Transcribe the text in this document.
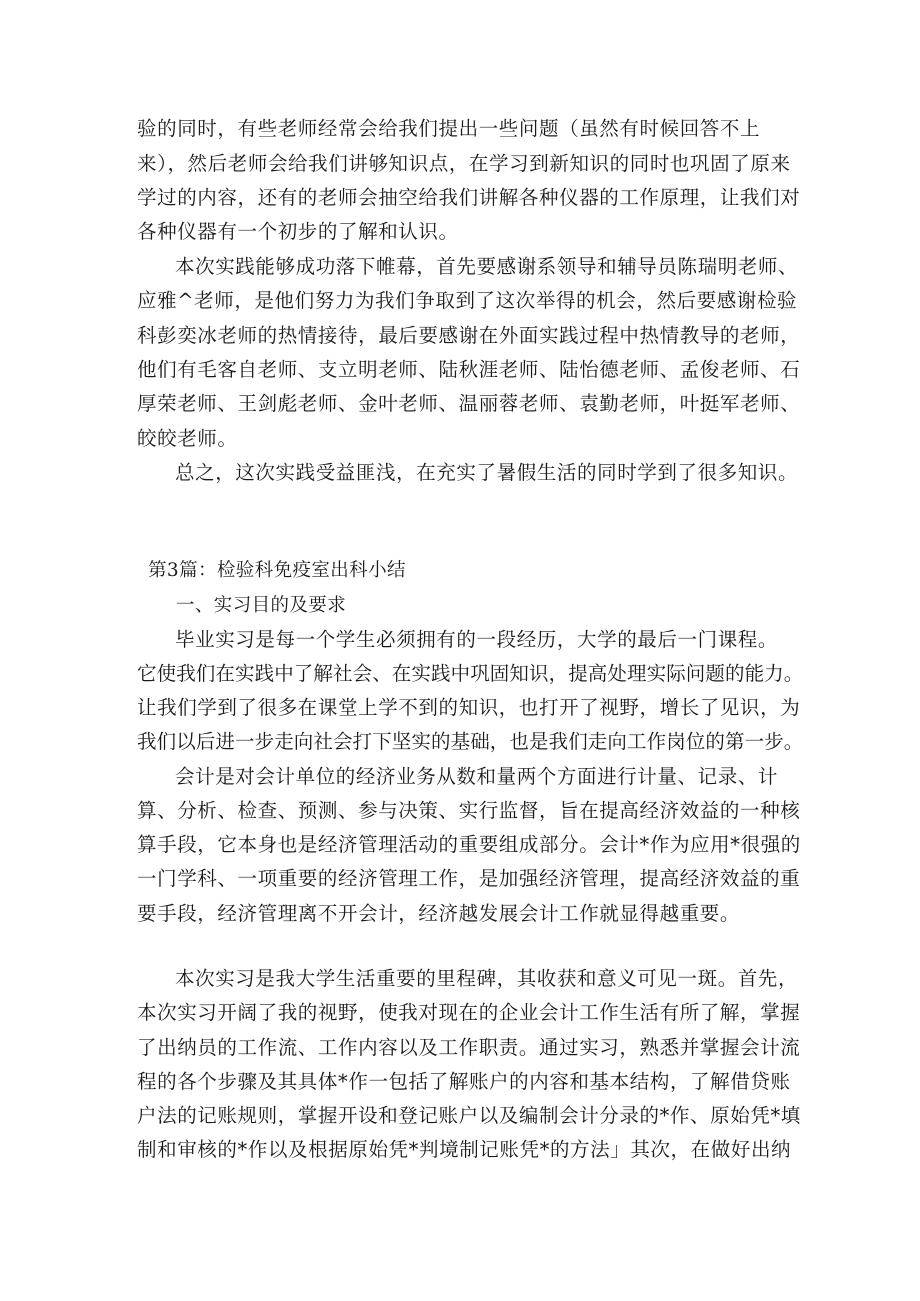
验的同时，有些老师经常会给我们提出一些问题（虽然有时候回答不上
来），然后老师会给我们讲够知识点，在学习到新知识的同时也巩固了原来
学过的内容，还有的老师会抽空给我们讲解各种仪器的工作原理，让我们对
各种仪器有一个初步的了解和认识。
本次实践能够成功落下帷幕，首先要感谢系领导和辅导员陈瑞明老师、
应雅^老师，是他们努力为我们争取到了这次举得的机会，然后要感谢检验
科彭奕冰老师的热情接待，最后要感谢在外面实践过程中热情教导的老师，
他们有毛客自老师、支立明老师、陆秋涯老师、陆怡德老师、孟俊老师、石
厚荣老师、王剑彪老师、金叶老师、温丽蓉老师、袁勤老师，叶挺军老师、
皎皎老师。
总之，这次实践受益匪浅，在充实了暑假生活的同时学到了很多知识。
第3篇：检验科免疫室出科小结
一、实习目的及要求
毕业实习是每一个学生必须拥有的一段经历，大学的最后一门课程。
它使我们在实践中了解社会、在实践中巩固知识，提高处理实际问题的能力。
让我们学到了很多在课堂上学不到的知识，也打开了视野，增长了见识，为
我们以后进一步走向社会打下坚实的基础，也是我们走向工作岗位的第一步。
会计是对会计单位的经济业务从数和量两个方面进行计量、记录、计
算、分析、检查、预测、参与决策、实行监督，旨在提高经济效益的一种核
算手段，它本身也是经济管理活动的重要组成部分。会计*作为应用*很强的
一门学科、一项重要的经济管理工作，是加强经济管理，提高经济效益的重
要手段，经济管理离不开会计，经济越发展会计工作就显得越重要。
本次实习是我大学生活重要的里程碑，其收获和意义可见一斑。首先，
本次实习开阔了我的视野，使我对现在的企业会计工作生活有所了解，掌握
了出纳员的工作流、工作内容以及工作职责。通过实习，熟悉并掌握会计流
程的各个步骤及其具体*作一包括了解账户的内容和基本结构，了解借贷账
户法的记账规则，掌握开设和登记账户以及编制会计分录的*作、原始凭*填
制和审核的*作以及根据原始凭*判境制记账凭*的方法」其次，在做好出纳
